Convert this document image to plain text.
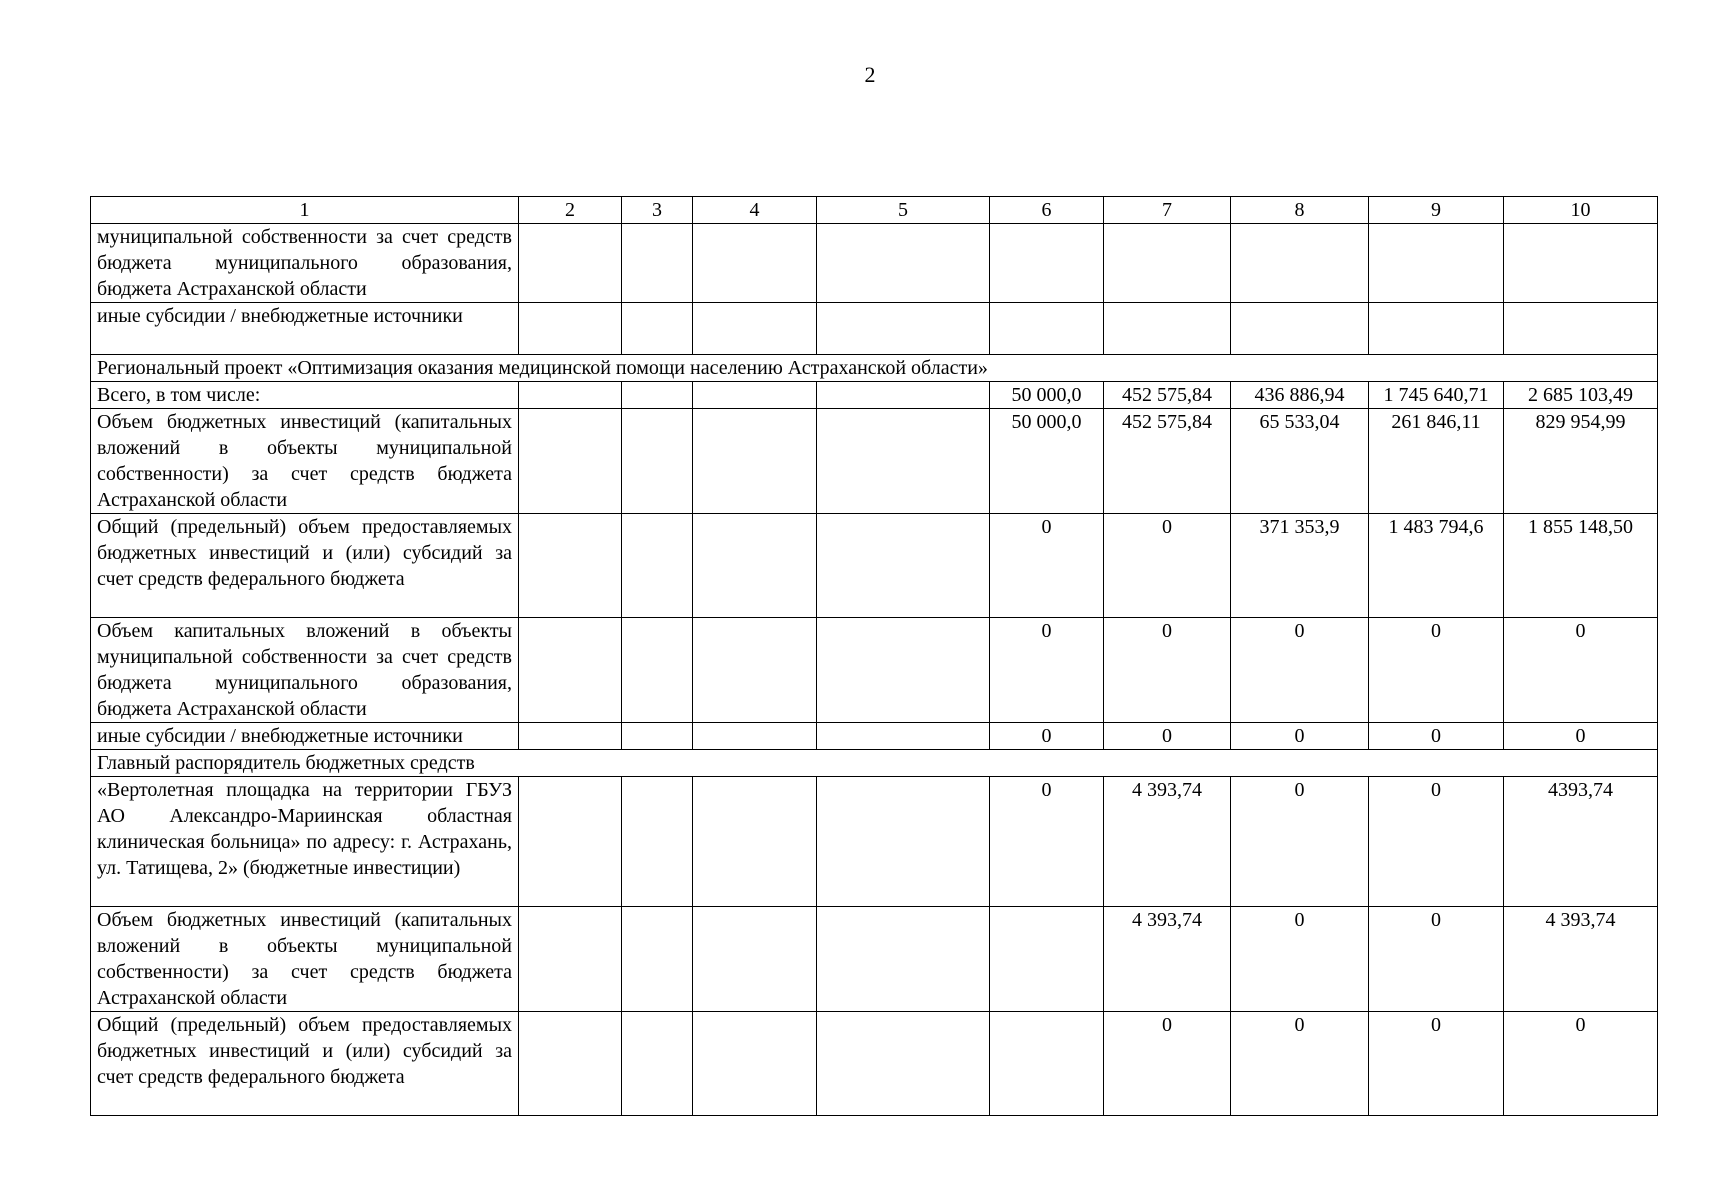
2
1	2	3	4	5	6	7	8	9	10
муниципальной собственности за счет средств бюджета муниципального образования, бюджета Астраханской области									
иные субсидии / внебюджетные источники									
Региональный проект «Оптимизация оказания медицинской помощи населению Астраханской области»									
Всего, в том числе:					50 000,0	452 575,84	436 886,94	1 745 640,71	2 685 103,49
Объем бюджетных инвестиций (капитальных вложений в объекты муниципальной собственности) за счет средств бюджета Астраханской области					50 000,0	452 575,84	65 533,04	261 846,11	829 954,99
Общий (предельный) объем предоставляемых бюджетных инвестиций и (или) субсидий за счет средств федерального бюджета					0	0	371 353,9	1 483 794,6	1 855 148,50
Объем капитальных вложений в объекты муниципальной собственности за счет средств бюджета муниципального образования, бюджета Астраханской области					0	0	0	0	0
иные субсидии / внебюджетные источники					0	0	0	0	0
Главный распорядитель бюджетных средств									
«Вертолетная площадка на территории ГБУЗ АО Александро-Мариинская областная клиническая больница» по адресу: г. Астрахань, ул. Татищева, 2» (бюджетные инвестиции)					0	4 393,74	0	0	4393,74
Объем бюджетных инвестиций (капитальных вложений в объекты муниципальной собственности) за счет средств бюджета Астраханской области						4 393,74	0	0	4 393,74
Общий (предельный) объем предоставляемых бюджетных инвестиций и (или) субсидий за счет средств федерального бюджета						0	0	0	0
